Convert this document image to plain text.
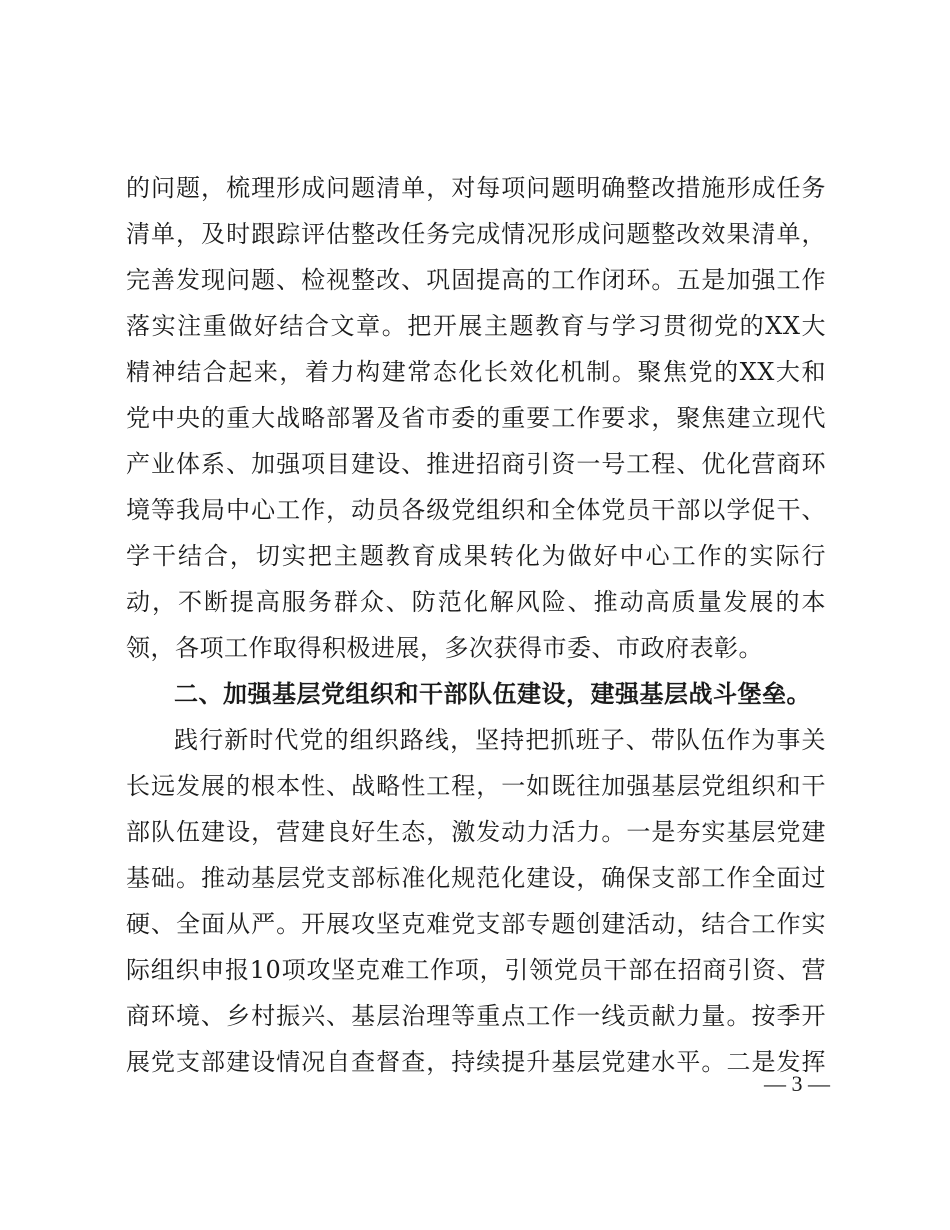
的问题，梳理形成问题清单，对每项问题明确整改措施形成任务
清单，及时跟踪评估整改任务完成情况形成问题整改效果清单，
完善发现问题、检视整改、巩固提高的工作闭环。五是加强工作
落实注重做好结合文章。把开展主题教育与学习贯彻党的XX大
精神结合起来，着力构建常态化长效化机制。聚焦党的XX大和
党中央的重大战略部署及省市委的重要工作要求，聚焦建立现代
产业体系、加强项目建设、推进招商引资一号工程、优化营商环
境等我局中心工作，动员各级党组织和全体党员干部以学促干、
学干结合，切实把主题教育成果转化为做好中心工作的实际行
动，不断提高服务群众、防范化解风险、推动高质量发展的本
领，各项工作取得积极进展，多次获得市委、市政府表彰。
二、加强基层党组织和干部队伍建设，建强基层战斗堡垒。
践行新时代党的组织路线，坚持把抓班子、带队伍作为事关
长远发展的根本性、战略性工程，一如既往加强基层党组织和干
部队伍建设，营建良好生态，激发动力活力。一是夯实基层党建
基础。推动基层党支部标准化规范化建设，确保支部工作全面过
硬、全面从严。开展攻坚克难党支部专题创建活动，结合工作实
际组织申报10项攻坚克难工作项，引领党员干部在招商引资、营
商环境、乡村振兴、基层治理等重点工作一线贡献力量。按季开
展党支部建设情况自查督查，持续提升基层党建水平。二是发挥
— 3 —
